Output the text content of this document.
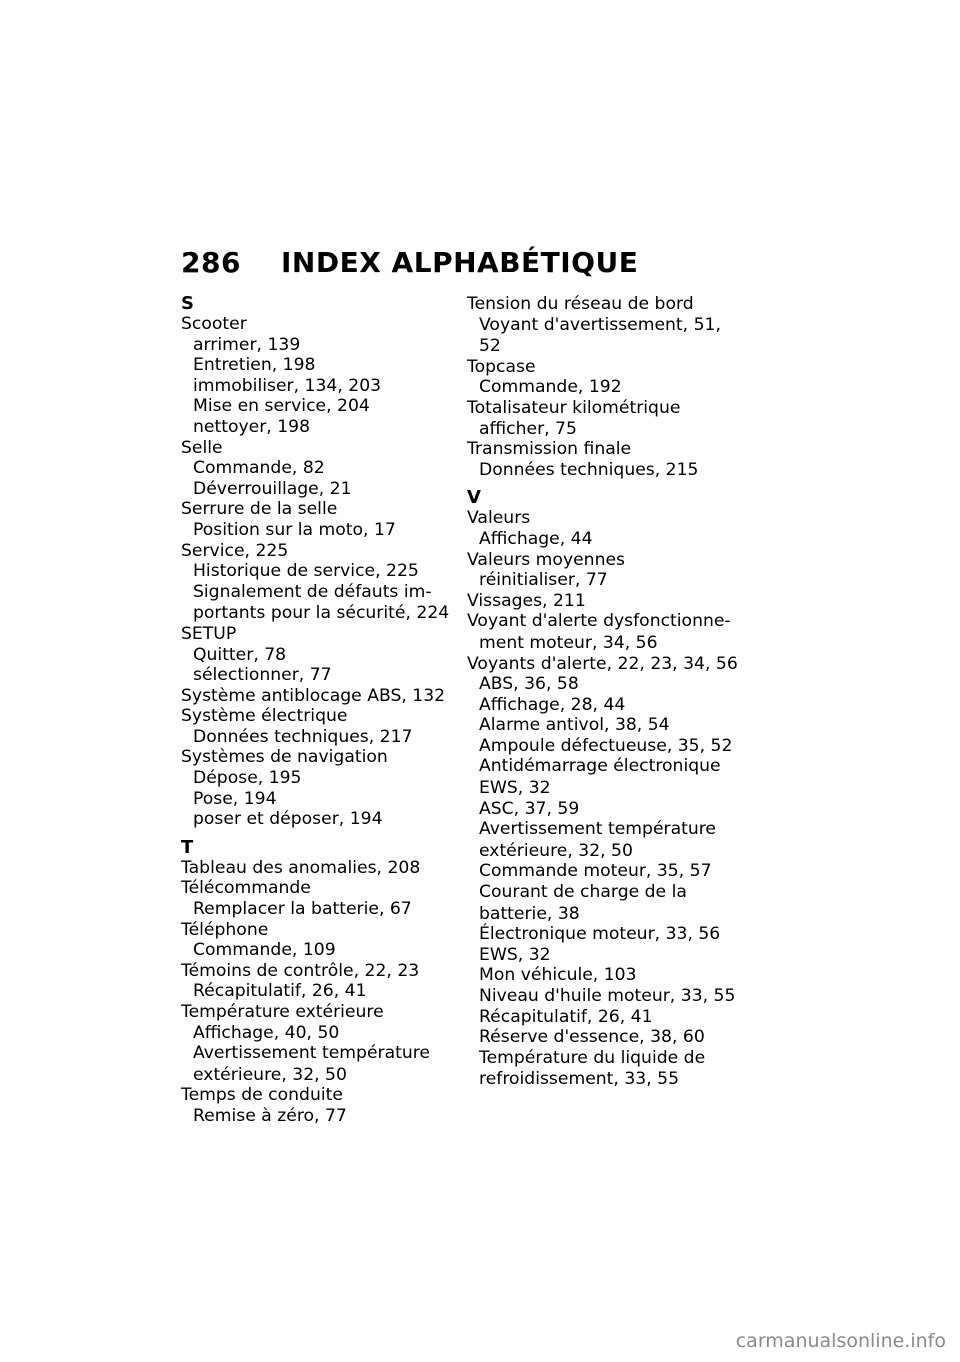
286 INDEX ALPHABÉTIQUE
S
Scooter
arrimer, 139
Entretien, 198
immobiliser, 134, 203
Mise en service, 204
nettoyer, 198
Selle
Commande, 82
Déverrouillage, 21
Serrure de la selle
Position sur la moto, 17
Service, 225
Historique de service, 225
Signalement de défauts im-
portants pour la sécurité, 224
SETUP
Quitter, 78
sélectionner, 77
Système antiblocage ABS, 132
Système électrique
Données techniques, 217
Systèmes de navigation
Dépose, 195
Pose, 194
poser et déposer, 194
T
Tableau des anomalies, 208
Télécommande
Remplacer la batterie, 67
Téléphone
Commande, 109
Témoins de contrôle, 22, 23
Récapitulatif, 26, 41
Température extérieure
Affichage, 40, 50
Avertissement température
extérieure, 32, 50
Temps de conduite
Remise à zéro, 77
Tension du réseau de bord
Voyant d'avertissement, 51,
52
Topcase
Commande, 192
Totalisateur kilométrique
afficher, 75
Transmission finale
Données techniques, 215
V
Valeurs
Affichage, 44
Valeurs moyennes
réinitialiser, 77
Vissages, 211
Voyant d'alerte dysfonctionne-
ment moteur, 34, 56
Voyants d'alerte, 22, 23, 34, 56
ABS, 36, 58
Affichage, 28, 44
Alarme antivol, 38, 54
Ampoule défectueuse, 35, 52
Antidémarrage électronique
EWS, 32
ASC, 37, 59
Avertissement température
extérieure, 32, 50
Commande moteur, 35, 57
Courant de charge de la
batterie, 38
Électronique moteur, 33, 56
EWS, 32
Mon véhicule, 103
Niveau d'huile moteur, 33, 55
Récapitulatif, 26, 41
Réserve d'essence, 38, 60
Température du liquide de
refroidissement, 33, 55
carmanualsonline.info
